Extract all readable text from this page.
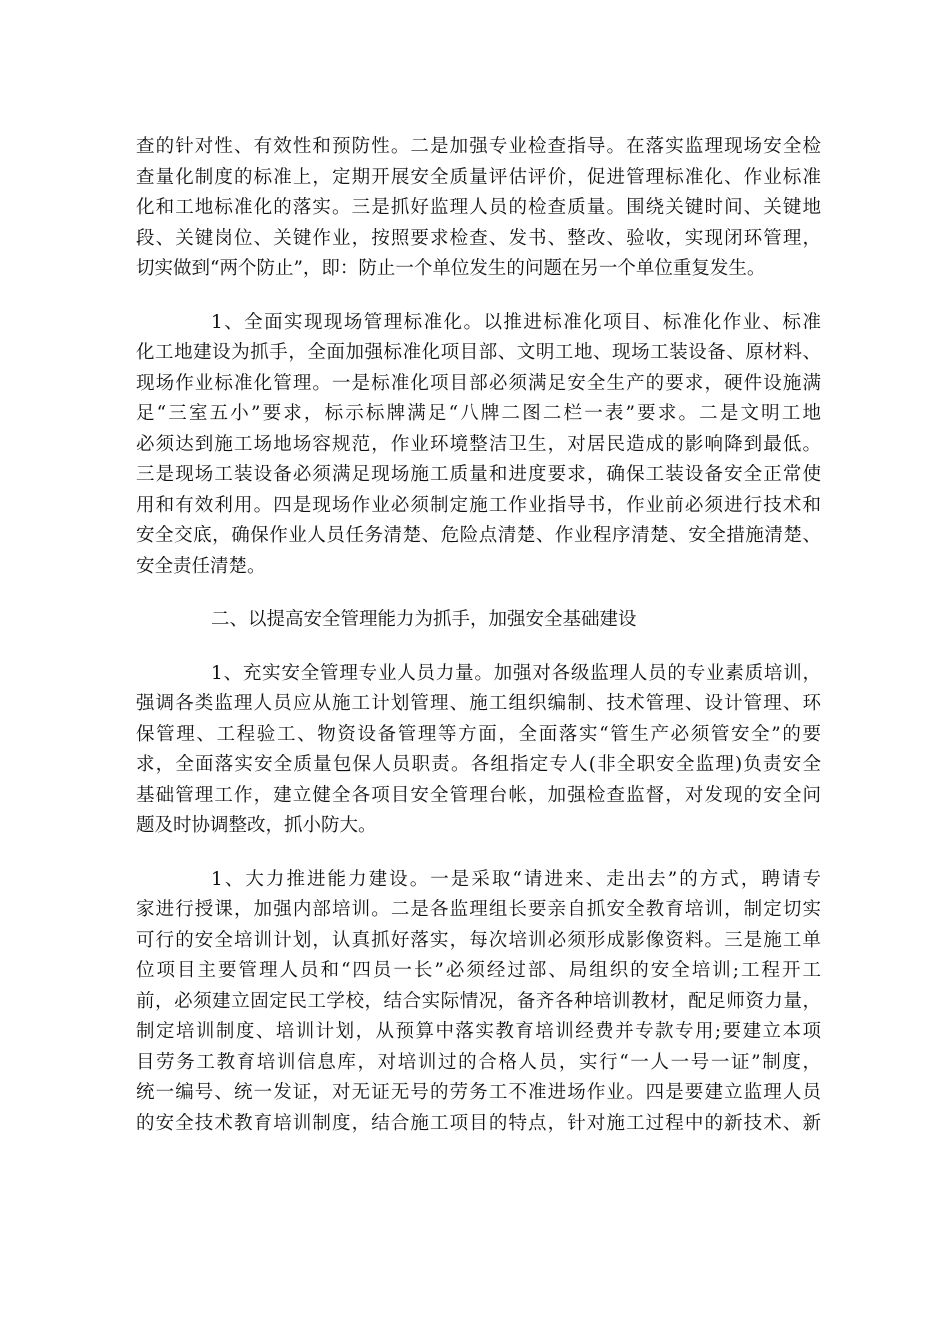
查的针对性、有效性和预防性。二是加强专业检查指导。在落实监理现场安全检
查量化制度的标准上，定期开展安全质量评估评价，促进管理标准化、作业标准
化和工地标准化的落实。三是抓好监理人员的检查质量。围绕关键时间、关键地
段、关键岗位、关键作业，按照要求检查、发书、整改、验收，实现闭环管理，
切实做到“两个防止”，即：防止一个单位发生的问题在另一个单位重复发生。
1、全面实现现场管理标准化。以推进标准化项目、标准化作业、标准
化工地建设为抓手，全面加强标准化项目部、文明工地、现场工装设备、原材料、
现场作业标准化管理。一是标准化项目部必须满足安全生产的要求，硬件设施满
足“三室五小”要求，标示标牌满足“八牌二图二栏一表”要求。二是文明工地
必须达到施工场地场容规范，作业环境整洁卫生，对居民造成的影响降到最低。
三是现场工装设备必须满足现场施工质量和进度要求，确保工装设备安全正常使
用和有效利用。四是现场作业必须制定施工作业指导书，作业前必须进行技术和
安全交底，确保作业人员任务清楚、危险点清楚、作业程序清楚、安全措施清楚、
安全责任清楚。
二、以提高安全管理能力为抓手，加强安全基础建设
1、充实安全管理专业人员力量。加强对各级监理人员的专业素质培训，
强调各类监理人员应从施工计划管理、施工组织编制、技术管理、设计管理、环
保管理、工程验工、物资设备管理等方面，全面落实“管生产必须管安全”的要
求，全面落实安全质量包保人员职责。各组指定专人(非全职安全监理)负责安全
基础管理工作，建立健全各项目安全管理台帐，加强检查监督，对发现的安全问
题及时协调整改，抓小防大。
1、大力推进能力建设。一是采取“请进来、走出去”的方式，聘请专
家进行授课，加强内部培训。二是各监理组长要亲自抓安全教育培训，制定切实
可行的安全培训计划，认真抓好落实，每次培训必须形成影像资料。三是施工单
位项目主要管理人员和“四员一长”必须经过部、局组织的安全培训;工程开工
前，必须建立固定民工学校，结合实际情况，备齐各种培训教材，配足师资力量，
制定培训制度、培训计划，从预算中落实教育培训经费并专款专用;要建立本项
目劳务工教育培训信息库，对培训过的合格人员，实行“一人一号一证”制度，
统一编号、统一发证，对无证无号的劳务工不准进场作业。四是要建立监理人员
的安全技术教育培训制度，结合施工项目的特点，针对施工过程中的新技术、新
